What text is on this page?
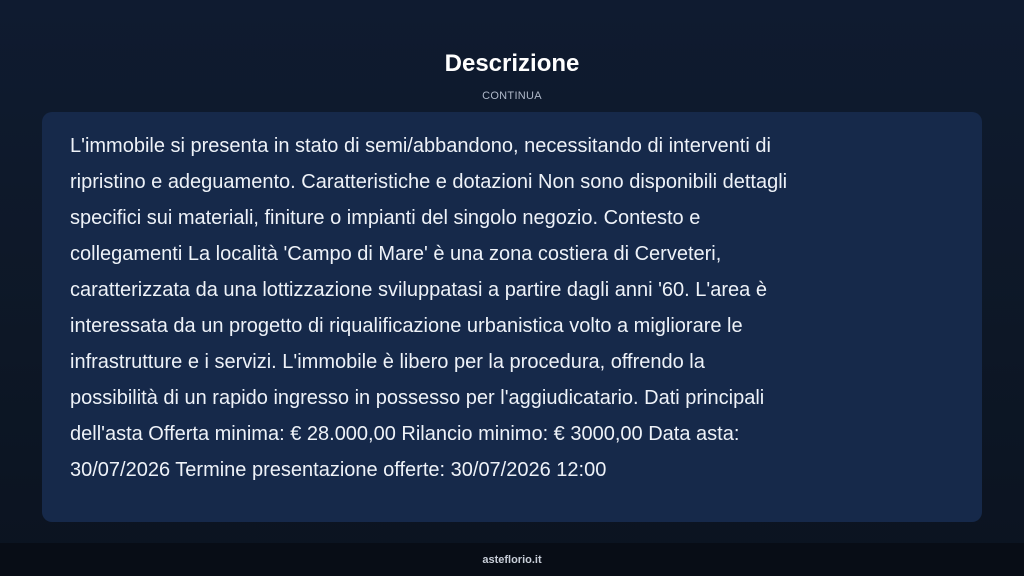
Descrizione
CONTINUA

L'immobile si presenta in stato di semi/abbandono, necessitando di interventi di
ripristino e adeguamento. Caratteristiche e dotazioni Non sono disponibili dettagli
specifici sui materiali, finiture o impianti del singolo negozio. Contesto e
collegamenti La località 'Campo di Mare' è una zona costiera di Cerveteri,
caratterizzata da una lottizzazione sviluppatasi a partire dagli anni '60. L'area è
interessata da un progetto di riqualificazione urbanistica volto a migliorare le
infrastrutture e i servizi. L'immobile è libero per la procedura, offrendo la
possibilità di un rapido ingresso in possesso per l'aggiudicatario. Dati principali
dell'asta Offerta minima: € 28.000,00 Rilancio minimo: € 3000,00 Data asta:
30/07/2026 Termine presentazione offerte: 30/07/2026 12:00

asteflorio.it
